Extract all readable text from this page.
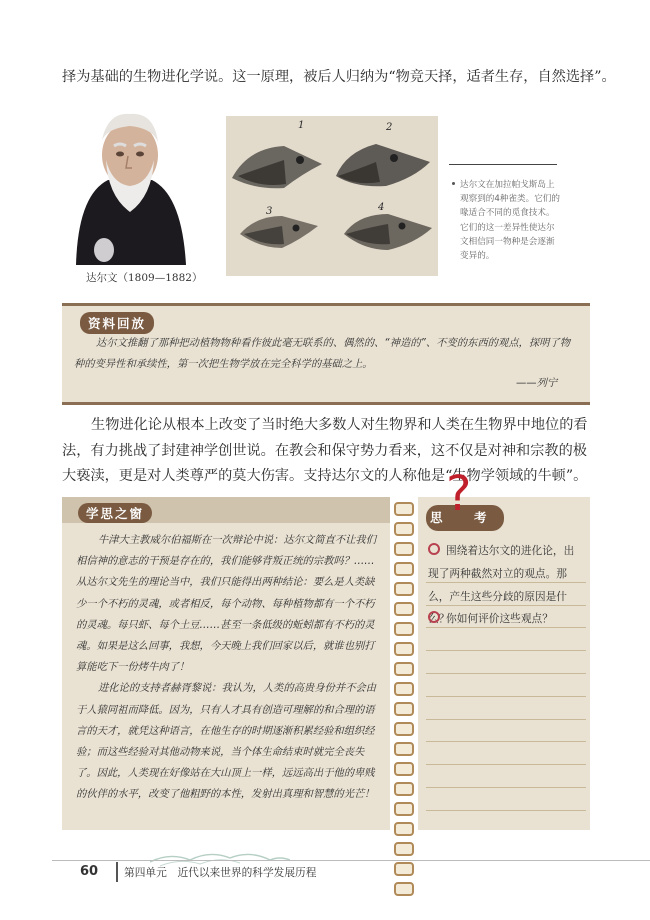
择为基础的生物进化学说。这一原理，被后人归纳为“物竞天择，适者生存，自然选择”。
达尔文（1809—1882）
1	2
3	4
达尔文在加拉帕戈斯岛上观察到的4种雀类。它们的喙适合不同的觅食技术。它们的这一差异性使达尔文相信同一物种是会逐渐变异的。
资料回放
达尔文推翻了那种把动植物物种看作彼此毫无联系的、偶然的、“神造的”、不变的东西的观点，探明了物种的变异性和承续性，第一次把生物学放在完全科学的基础之上。
——列宁
生物进化论从根本上改变了当时绝大多数人对生物界和人类在生物界中地位的看法，有力挑战了封建神学创世说。在教会和保守势力看来，这不仅是对神和宗教的极大亵渎，更是对人类尊严的莫大伤害。支持达尔文的人称他是“生物学领域的牛顿”。
学思之窗

牛津大主教威尔伯福斯在一次辩论中说：达尔文简直不让我们相信神的意志的干预是存在的，我们能够背叛正统的宗教吗？……从达尔文先生的理论当中，我们只能得出两种结论：要么是人类缺少一个不朽的灵魂，或者相反，每个动物、每种植物都有一个不朽的灵魂。每只虾、每个土豆……甚至一条低级的蚯蚓都有不朽的灵魂。如果是这么回事，我想，今天晚上我们回家以后，就谁也别打算能吃下一份烤牛肉了！

进化论的支持者赫胥黎说：我认为，人类的高贵身份并不会由于人猿同祖而降低。因为，只有人才具有创造可理解的和合理的语言的天才，就凭这种语言，在他生存的时期逐渐积累经验和组织经验；而这些经验对其他动物来说，当个体生命结束时就完全丧失了。因此，人类现在好像站在大山顶上一样，远远高出于他的卑贱的伙伴的水平，改变了他粗野的本性，发射出真理和智慧的光芒！

思	考
?
围绕着达尔文的进化论，出现了两种截然对立的观点。那么，产生这些分歧的原因是什么？
你如何评价这些观点？
60 第四单元　近代以来世界的科学发展历程
